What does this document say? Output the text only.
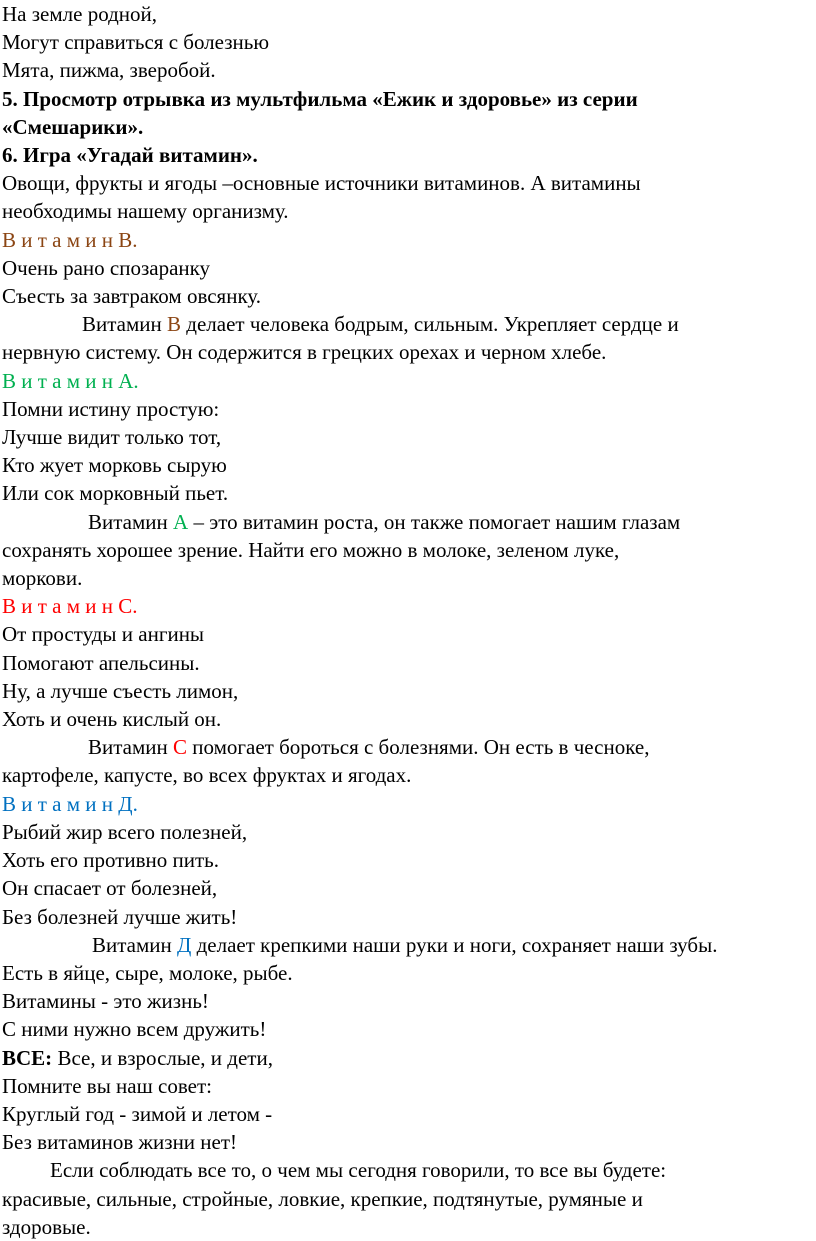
На земле родной,
Могут справиться с болезнью
Мята, пижма, зверобой.
5. Просмотр отрывка из мультфильма «Ежик и здоровье» из серии
«Смешарики».
6. Игра «Угадай витамин».
Овощи, фрукты и ягоды –основные источники витаминов. А витамины
необходимы нашему организму.
В и т а м и н В.
Очень рано спозаранку
Съесть за завтраком овсянку.
Витамин В делает человека бодрым, сильным. Укрепляет сердце и
нервную систему. Он содержится в грецких орехах и черном хлебе.
В и т а м и н А.
Помни истину простую:
Лучше видит только тот,
Кто жует морковь сырую
Или сок морковный пьет.
Витамин А – это витамин роста, он также помогает нашим глазам
сохранять хорошее зрение. Найти его можно в молоке, зеленом луке,
моркови.
В и т а м и н С.
От простуды и ангины
Помогают апельсины.
Ну, а лучше съесть лимон,
Хоть и очень кислый он.
Витамин С помогает бороться с болезнями. Он есть в чесноке,
картофеле, капусте, во всех фруктах и ягодах.
В и т а м и н Д.
Рыбий жир всего полезней,
Хоть его противно пить.
Он спасает от болезней,
Без болезней лучше жить!
Витамин Д делает крепкими наши руки и ноги, сохраняет наши зубы.
Есть в яйце, сыре, молоке, рыбе.
Витамины - это жизнь!
С ними нужно всем дружить!
ВСЕ: Все, и взрослые, и дети,
Помните вы наш совет:
Круглый год - зимой и летом -
Без витаминов жизни нет!
Если соблюдать все то, о чем мы сегодня говорили, то все вы будете:
красивые, сильные, стройные, ловкие, крепкие, подтянутые, румяные и
здоровые.
